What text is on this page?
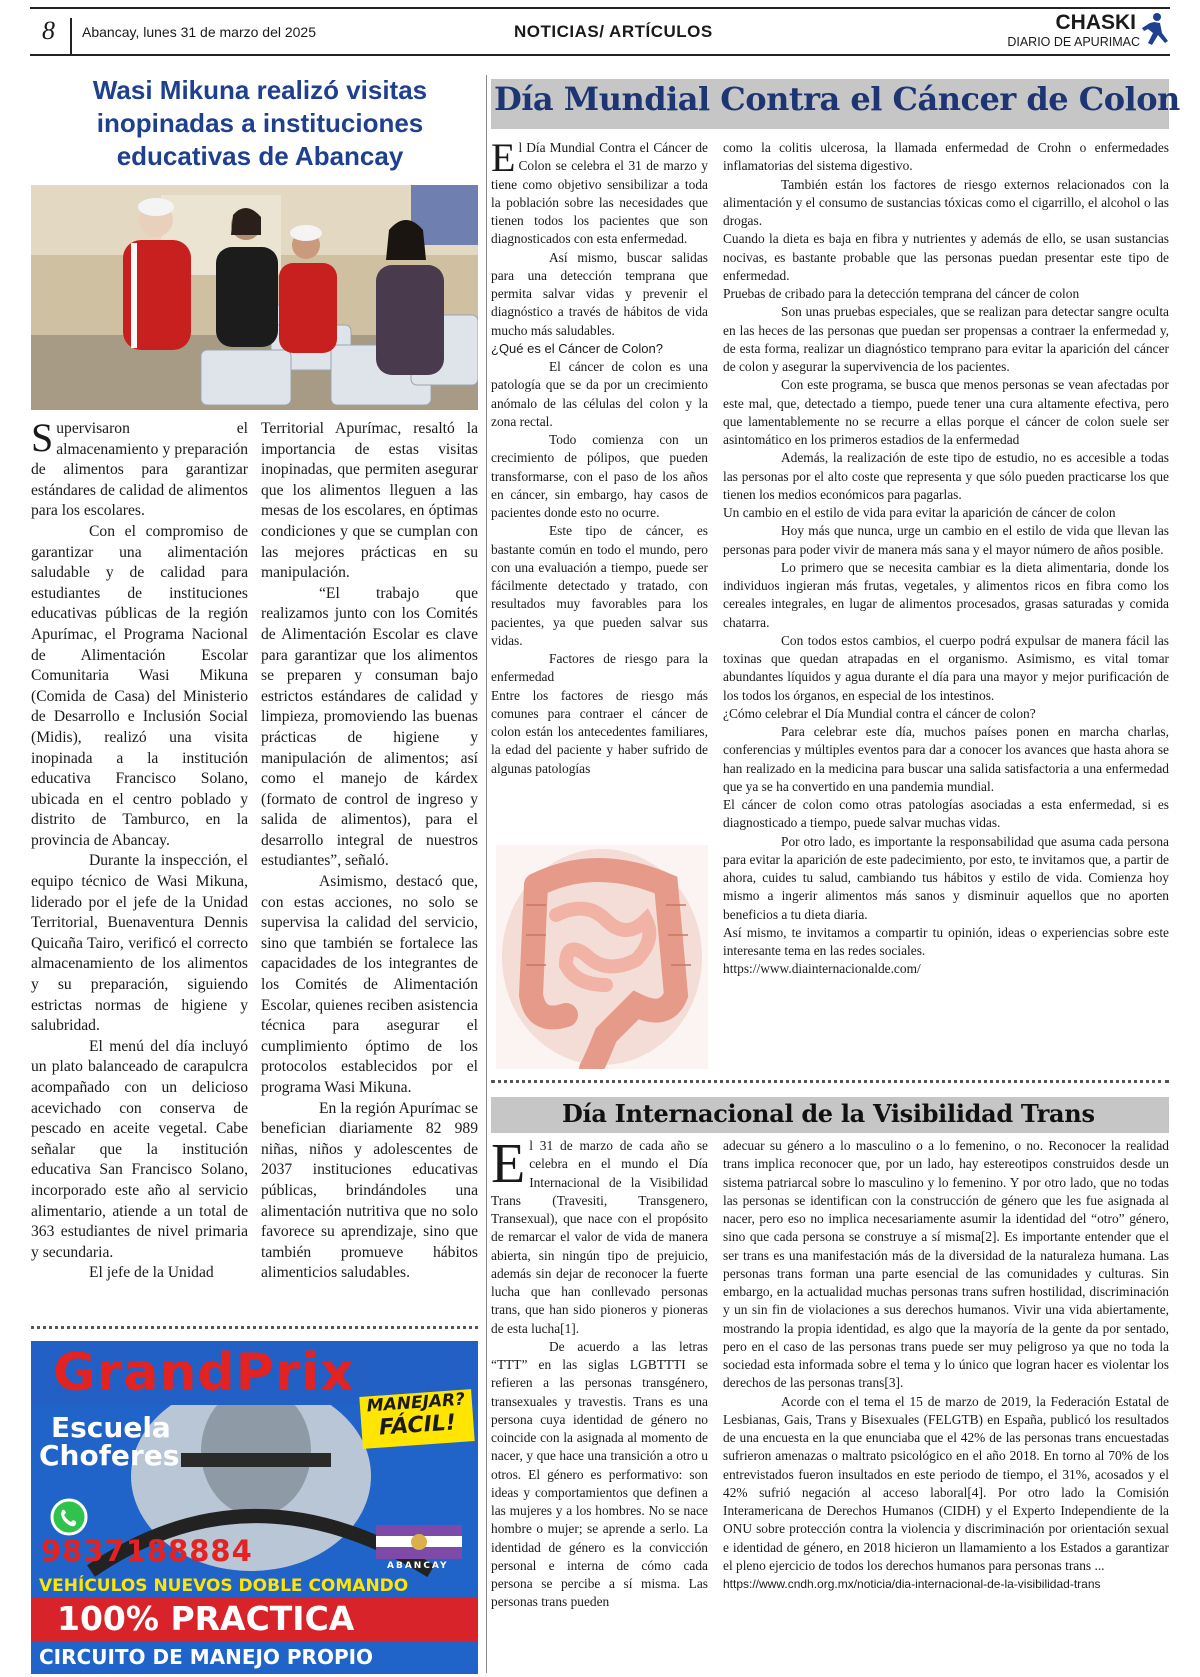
8 Abancay, lunes 31 de marzo del 2025	NOTICIAS/ ARTÍCULOS	CHASKI
DIARIO DE APURIMAC
Wasi Mikuna realizó visitas inopinadas a instituciones educativas de Abancay

Supervisaron el almacenamiento y preparación de alimentos para garantizar estándares de calidad de alimentos para los escolares.

Con el compromiso de garantizar una alimentación saludable y de calidad para estudiantes de instituciones educativas públicas de la región Apurímac, el Programa Nacional de Alimentación Escolar Comunitaria Wasi Mikuna (Comida de Casa) del Ministerio de Desarrollo e Inclusión Social (Midis), realizó una visita inopinada a la institución educativa Francisco Solano, ubicada en el centro poblado y distrito de Tamburco, en la provincia de Abancay.

Durante la inspección, el equipo técnico de Wasi Mikuna, liderado por el jefe de la Unidad Territorial, Buenaventura Dennis Quicaña Tairo, verificó el correcto almacenamiento de los alimentos y su preparación, siguiendo estrictas normas de higiene y salubridad.

El menú del día incluyó un plato balanceado de carapulcra acompañado con un delicioso acevichado con conserva de pescado en aceite vegetal. Cabe señalar que la institución educativa San Francisco Solano, incorporado este año al servicio alimentario, atiende a un total de 363 estudiantes de nivel primaria y secundaria.

El jefe de la Unidad

Territorial Apurímac, resaltó la importancia de estas visitas inopinadas, que permiten asegurar que los alimentos lleguen a las mesas de los escolares, en óptimas condiciones y que se cumplan con las mejores prácticas en su manipulación.

“El trabajo que realizamos junto con los Comités de Alimentación Escolar es clave para garantizar que los alimentos se preparen y consuman bajo estrictos estándares de calidad y limpieza, promoviendo las buenas prácticas de higiene y manipulación de alimentos; así como el manejo de kárdex (formato de control de ingreso y salida de alimentos), para el desarrollo integral de nuestros estudiantes”, señaló.

Asimismo, destacó que, con estas acciones, no solo se supervisa la calidad del servicio, sino que también se fortalece las capacidades de los integrantes de los Comités de Alimentación Escolar, quienes reciben asistencia técnica para asegurar el cumplimiento óptimo de los protocolos establecidos por el programa Wasi Mikuna.

En la región Apurímac se benefician diariamente 82 989 niñas, niños y adolescentes de 2037 instituciones educativas públicas, brindándoles una alimentación nutritiva que no solo favorece su aprendizaje, sino que también promueve hábitos alimenticios saludables.

GrandPrix
Escuela
Choferes
MANEJAR?
FÁCIL!
9837188884	ABANCAY
VEHÍCULOS NUEVOS DOBLE COMANDO
100% PRACTICA
CIRCUITO DE MANEJO PROPIO
Día Mundial Contra el Cáncer de Colon

El Día Mundial Contra el Cáncer de Colon se celebra el 31 de marzo y tiene como objetivo sensibilizar a toda la población sobre las necesidades que tienen todos los pacientes que son diagnosticados con esta enfermedad.

Así mismo, buscar salidas para una detección temprana que permita salvar vidas y prevenir el diagnóstico a través de hábitos de vida mucho más saludables.

¿Qué es el Cáncer de Colon?

El cáncer de colon es una patología que se da por un crecimiento anómalo de las células del colon y la zona rectal.

Todo comienza con un crecimiento de pólipos, que pueden transformarse, con el paso de los años en cáncer, sin embargo, hay casos de pacientes donde esto no ocurre.

Este tipo de cáncer, es bastante común en todo el mundo, pero con una evaluación a tiempo, puede ser fácilmente detectado y tratado, con resultados muy favorables para los pacientes, ya que pueden salvar sus vidas.

Factores de riesgo para la enfermedad

Entre los factores de riesgo más comunes para contraer el cáncer de colon están los antecedentes familiares, la edad del paciente y haber sufrido de algunas patologías

como la colitis ulcerosa, la llamada enfermedad de Crohn o enfermedades inflamatorias del sistema digestivo.

También están los factores de riesgo externos relacionados con la alimentación y el consumo de sustancias tóxicas como el cigarrillo, el alcohol o las drogas.

Cuando la dieta es baja en fibra y nutrientes y además de ello, se usan sustancias nocivas, es bastante probable que las personas puedan presentar este tipo de enfermedad.

Pruebas de cribado para la detección temprana del cáncer de colon

Son unas pruebas especiales, que se realizan para detectar sangre oculta en las heces de las personas que puedan ser propensas a contraer la enfermedad y, de esta forma, realizar un diagnóstico temprano para evitar la aparición del cáncer de colon y asegurar la supervivencia de los pacientes.

Con este programa, se busca que menos personas se vean afectadas por este mal, que, detectado a tiempo, puede tener una cura altamente efectiva, pero que lamentablemente no se recurre a ellas porque el cáncer de colon suele ser asintomático en los primeros estadios de la enfermedad

Además, la realización de este tipo de estudio, no es accesible a todas las personas por el alto coste que representa y que sólo pueden practicarse los que tienen los medios económicos para pagarlas.

Un cambio en el estilo de vida para evitar la aparición de cáncer de colon

Hoy más que nunca, urge un cambio en el estilo de vida que llevan las personas para poder vivir de manera más sana y el mayor número de años posible.

Lo primero que se necesita cambiar es la dieta alimentaria, donde los individuos ingieran más frutas, vegetales, y alimentos ricos en fibra como los cereales integrales, en lugar de alimentos procesados, grasas saturadas y comida chatarra.

Con todos estos cambios, el cuerpo podrá expulsar de manera fácil las toxinas que quedan atrapadas en el organismo. Asimismo, es vital tomar abundantes líquidos y agua durante el día para una mayor y mejor purificación de los todos los órganos, en especial de los intestinos.

¿Cómo celebrar el Día Mundial contra el cáncer de colon?

Para celebrar este día, muchos países ponen en marcha charlas, conferencias y múltiples eventos para dar a conocer los avances que hasta ahora se han realizado en la medicina para buscar una salida satisfactoria a una enfermedad que ya se ha convertido en una pandemia mundial.

El cáncer de colon como otras patologías asociadas a esta enfermedad, si es diagnosticado a tiempo, puede salvar muchas vidas.

Por otro lado, es importante la responsabilidad que asuma cada persona para evitar la aparición de este padecimiento, por esto, te invitamos que, a partir de ahora, cuides tu salud, cambiando tus hábitos y estilo de vida. Comienza hoy mismo a ingerir alimentos más sanos y disminuir aquellos que no aporten beneficios a tu dieta diaria.

Así mismo, te invitamos a compartir tu opinión, ideas o experiencias sobre este interesante tema en las redes sociales.

https://www.diainternacionalde.com/

Día Internacional de la Visibilidad Trans

El 31 de marzo de cada año se celebra en el mundo el Día Internacional de la Visibilidad Trans (Travesiti, Transgenero, Transexual), que nace con el propósito de remarcar el valor de vida de manera abierta, sin ningún tipo de prejuicio, además sin dejar de reconocer la fuerte lucha que han conllevado personas trans, que han sido pioneros y pioneras de esta lucha[1].

De acuerdo a las letras “TTT” en las siglas LGBTTTI se refieren a las personas transgénero, transexuales y travestis. Trans es una persona cuya identidad de género no coincide con la asignada al momento de nacer, y que hace una transición a otro u otros. El género es performativo: son ideas y comportamientos que definen a las mujeres y a los hombres. No se nace hombre o mujer; se aprende a serlo. La identidad de género es la convicción personal e interna de cómo cada persona se percibe a sí misma. Las personas trans pueden

adecuar su género a lo masculino o a lo femenino, o no. Reconocer la realidad trans implica reconocer que, por un lado, hay estereotipos construidos desde un sistema patriarcal sobre lo masculino y lo femenino. Y por otro lado, que no todas las personas se identifican con la construcción de género que les fue asignada al nacer, pero eso no implica necesariamente asumir la identidad del “otro” género, sino que cada persona se construye a sí misma[2]. Es importante entender que el ser trans es una manifestación más de la diversidad de la naturaleza humana. Las personas trans forman una parte esencial de las comunidades y culturas. Sin embargo, en la actualidad muchas personas trans sufren hostilidad, discriminación y un sin fin de violaciones a sus derechos humanos. Vivir una vida abiertamente, mostrando la propia identidad, es algo que la mayoría de la gente da por sentado, pero en el caso de las personas trans puede ser muy peligroso ya que no toda la sociedad esta informada sobre el tema y lo único que logran hacer es violentar los derechos de las personas trans[3].

Acorde con el tema el 15 de marzo de 2019, la Federación Estatal de Lesbianas, Gais, Trans y Bisexuales (FELGTB) en España, publicó los resultados de una encuesta en la que enunciaba que el 42% de las personas trans encuestadas sufrieron amenazas o maltrato psicológico en el año 2018. En torno al 70% de los entrevistados fueron insultados en este periodo de tiempo, el 31%, acosados y el 42% sufrió negación al acceso laboral[4]. Por otro lado la Comisión Interamericana de Derechos Humanos (CIDH) y el Experto Independiente de la ONU sobre protección contra la violencia y discriminación por orientación sexual e identidad de género, en 2018 hicieron un llamamiento a los Estados a garantizar el pleno ejercicio de todos los derechos humanos para personas trans ...

https://www.cndh.org.mx/noticia/dia-internacional-de-la-visibilidad-trans
